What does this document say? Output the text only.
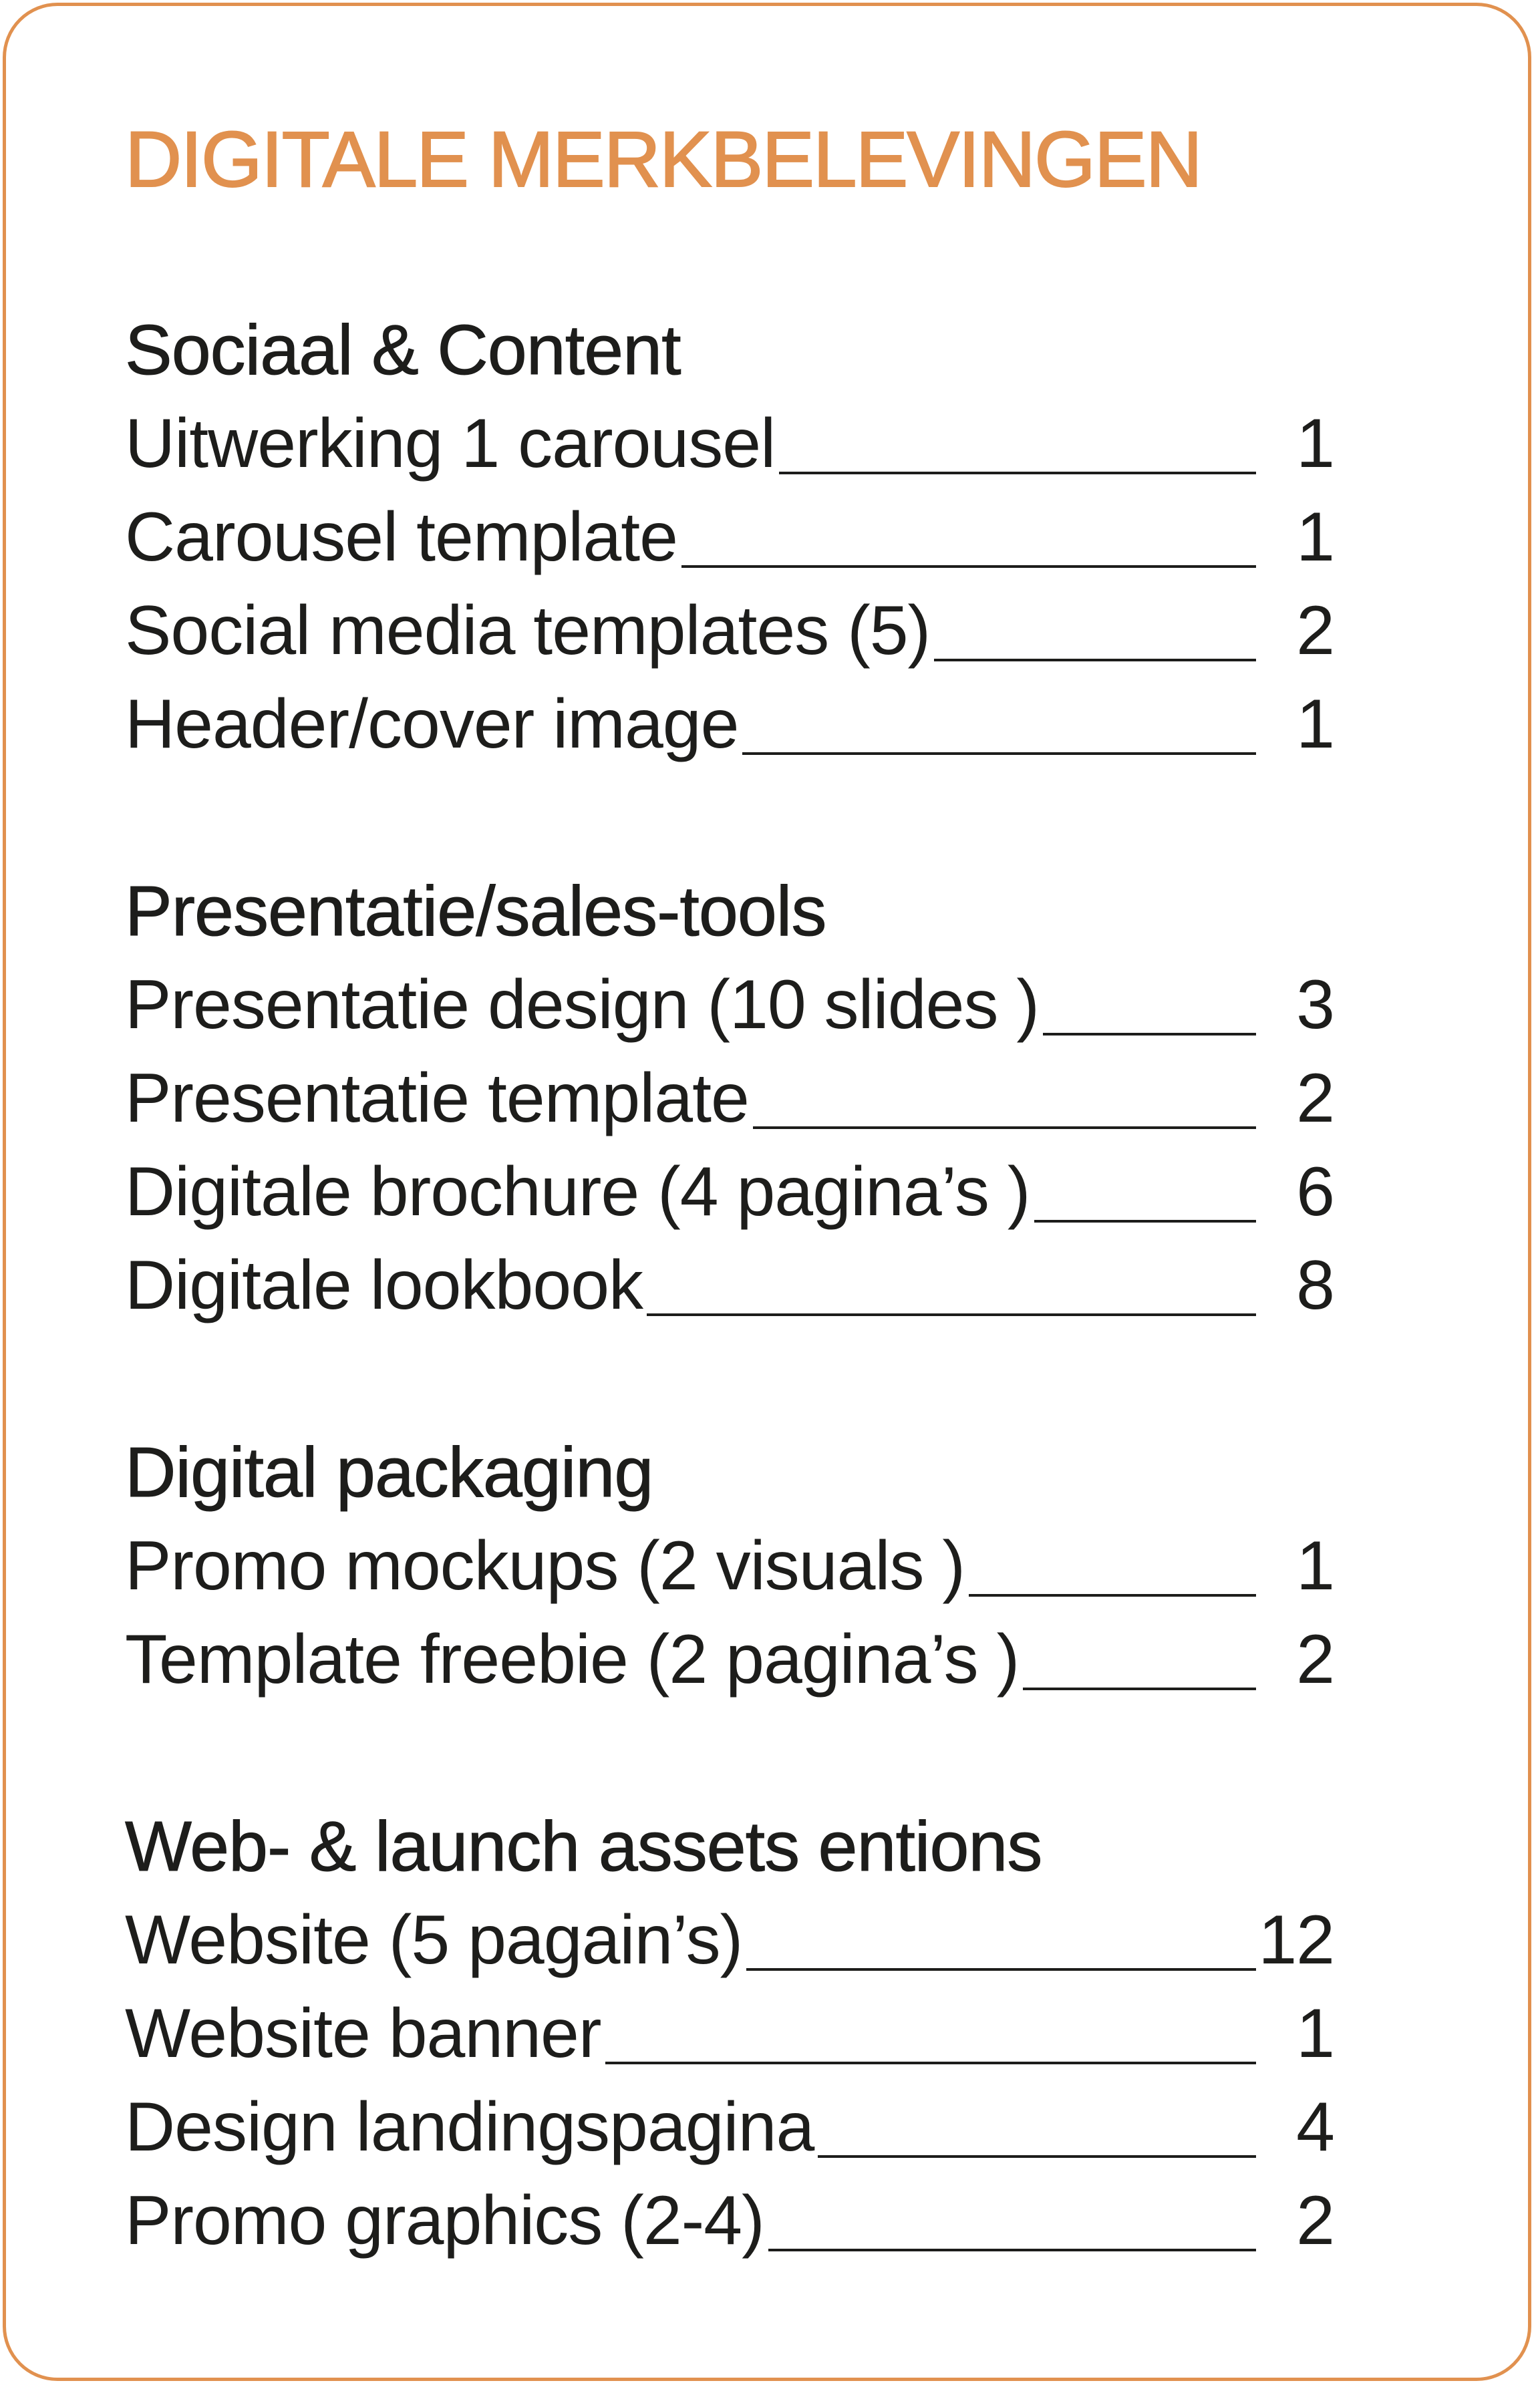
DIGITALE MERKBELEVINGEN
Sociaal & Content
Uitwerking 1 carousel	1
Carousel template	1
Social media templates (5)	2
Header/cover image	1
Presentatie/sales-tools
Presentatie design (10 slides )	3
Presentatie template	2
Digitale brochure (4 pagina’s )	6
Digitale lookbook	8
Digital packaging
Promo mockups (2 visuals )	1
Template freebie (2 pagina’s )	2
Web- & launch assets entions
Website (5 pagain’s)	12
Website banner	1
Design landingspagina	4
Promo graphics (2-4)	2
